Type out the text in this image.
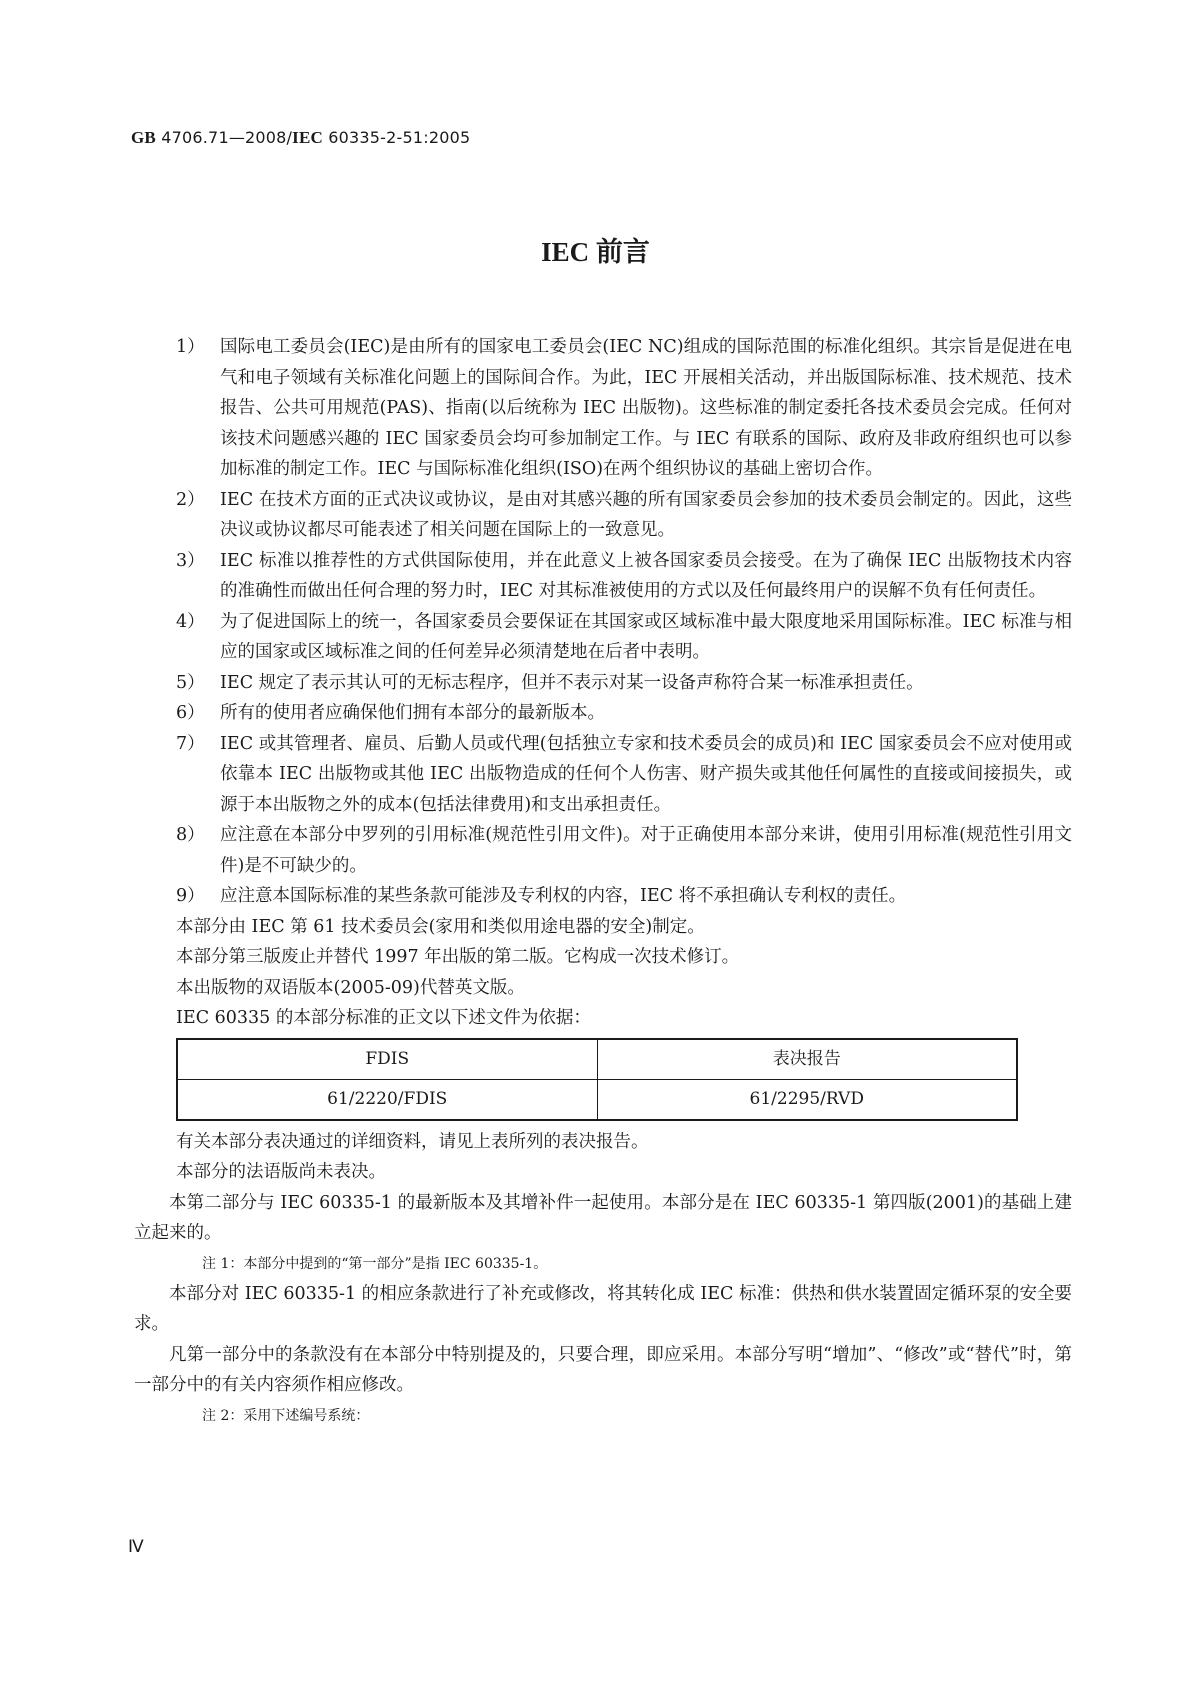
GB 4706.71—2008/IEC 60335-2-51:2005
IEC 前言
1） 国际电工委员会(IEC)是由所有的国家电工委员会(IEC NC)组成的国际范围的标准化组织。其宗旨是促进在电气和电子领域有关标准化问题上的国际间合作。为此，IEC 开展相关活动，并出版国际标准、技术规范、技术报告、公共可用规范(PAS)、指南(以后统称为 IEC 出版物)。这些标准的制定委托各技术委员会完成。任何对该技术问题感兴趣的 IEC 国家委员会均可参加制定工作。与 IEC 有联系的国际、政府及非政府组织也可以参加标准的制定工作。IEC 与国际标准化组织(ISO)在两个组织协议的基础上密切合作。
2） IEC 在技术方面的正式决议或协议，是由对其感兴趣的所有国家委员会参加的技术委员会制定的。因此，这些决议或协议都尽可能表述了相关问题在国际上的一致意见。
3） IEC 标准以推荐性的方式供国际使用，并在此意义上被各国家委员会接受。在为了确保 IEC 出版物技术内容的准确性而做出任何合理的努力时，IEC 对其标准被使用的方式以及任何最终用户的误解不负有任何责任。
4） 为了促进国际上的统一，各国家委员会要保证在其国家或区域标准中最大限度地采用国际标准。IEC 标准与相应的国家或区域标准之间的任何差异必须清楚地在后者中表明。
5） IEC 规定了表示其认可的无标志程序，但并不表示对某一设备声称符合某一标准承担责任。
6） 所有的使用者应确保他们拥有本部分的最新版本。
7） IEC 或其管理者、雇员、后勤人员或代理(包括独立专家和技术委员会的成员)和 IEC 国家委员会不应对使用或依靠本 IEC 出版物或其他 IEC 出版物造成的任何个人伤害、财产损失或其他任何属性的直接或间接损失，或源于本出版物之外的成本(包括法律费用)和支出承担责任。
8） 应注意在本部分中罗列的引用标准(规范性引用文件)。对于正确使用本部分来讲，使用引用标准(规范性引用文件)是不可缺少的。
9） 应注意本国际标准的某些条款可能涉及专利权的内容，IEC 将不承担确认专利权的责任。
本部分由 IEC 第 61 技术委员会(家用和类似用途电器的安全)制定。
本部分第三版废止并替代 1997 年出版的第二版。它构成一次技术修订。
本出版物的双语版本(2005-09)代替英文版。
IEC 60335 的本部分标准的正文以下述文件为依据：
FDIS	表决报告
61/2220/FDIS	61/2295/RVD
有关本部分表决通过的详细资料，请见上表所列的表决报告。
本部分的法语版尚未表决。
本第二部分与 IEC 60335-1 的最新版本及其增补件一起使用。本部分是在 IEC 60335-1 第四版(2001)的基础上建立起来的。
注 1：本部分中提到的“第一部分”是指 IEC 60335-1。
本部分对 IEC 60335-1 的相应条款进行了补充或修改，将其转化成 IEC 标准：供热和供水装置固定循环泵的安全要求。
凡第一部分中的条款没有在本部分中特别提及的，只要合理，即应采用。本部分写明“增加”、“修改”或“替代”时，第一部分中的有关内容须作相应修改。
注 2：采用下述编号系统：
Ⅳ
